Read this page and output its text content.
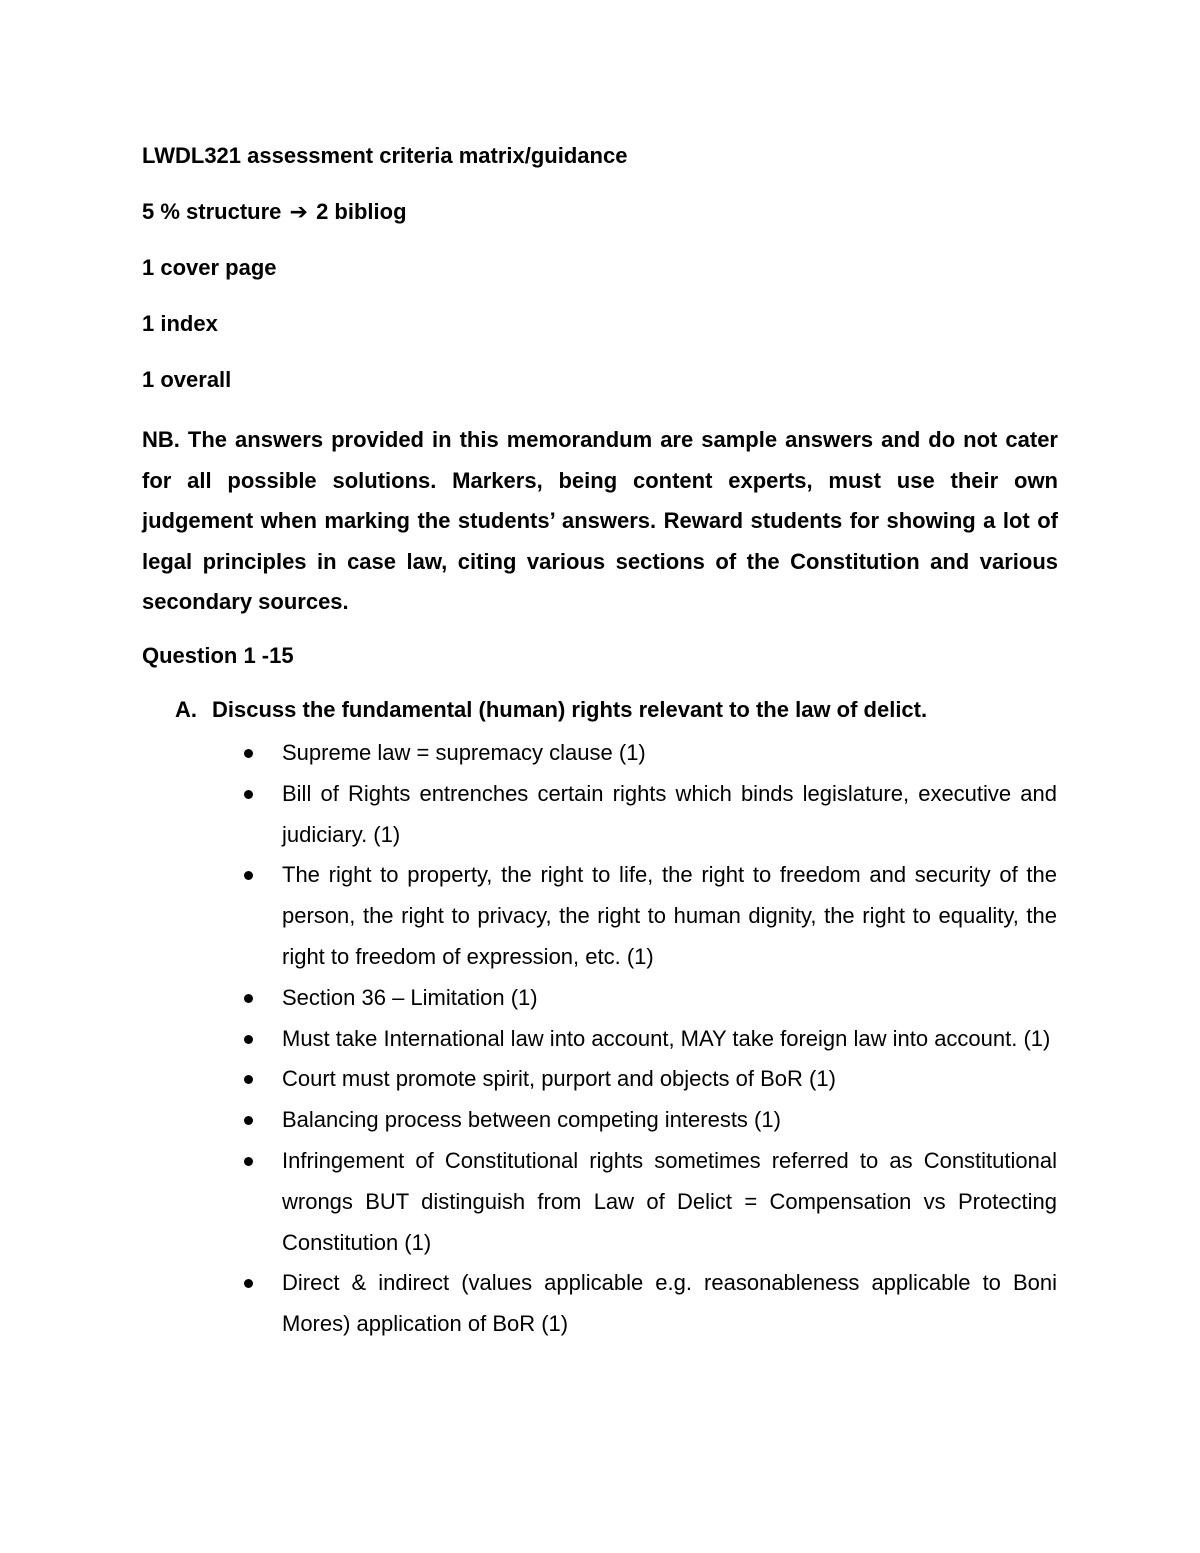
LWDL321 assessment criteria matrix/guidance
5 % structure ➔ 2 bibliog
1 cover page
1 index
1 overall
NB. The answers provided in this memorandum are sample answers and do not cater for all possible solutions. Markers, being content experts, must use their own judgement when marking the students’ answers. Reward students for showing a lot of legal principles in case law, citing various sections of the Constitution and various secondary sources.
Question 1 -15
A. Discuss the fundamental (human) rights relevant to the law of delict.
Supreme law = supremacy clause (1)
Bill of Rights entrenches certain rights which binds legislature, executive and judiciary. (1)
The right to property, the right to life, the right to freedom and security of the person, the right to privacy, the right to human dignity, the right to equality, the right to freedom of expression, etc. (1)
Section 36 – Limitation (1)
Must take International law into account, MAY take foreign law into account. (1)
Court must promote spirit, purport and objects of BoR (1)
Balancing process between competing interests (1)
Infringement of Constitutional rights sometimes referred to as Constitutional wrongs BUT distinguish from Law of Delict = Compensation vs Protecting Constitution (1)
Direct & indirect (values applicable e.g. reasonableness applicable to Boni Mores) application of BoR (1)
